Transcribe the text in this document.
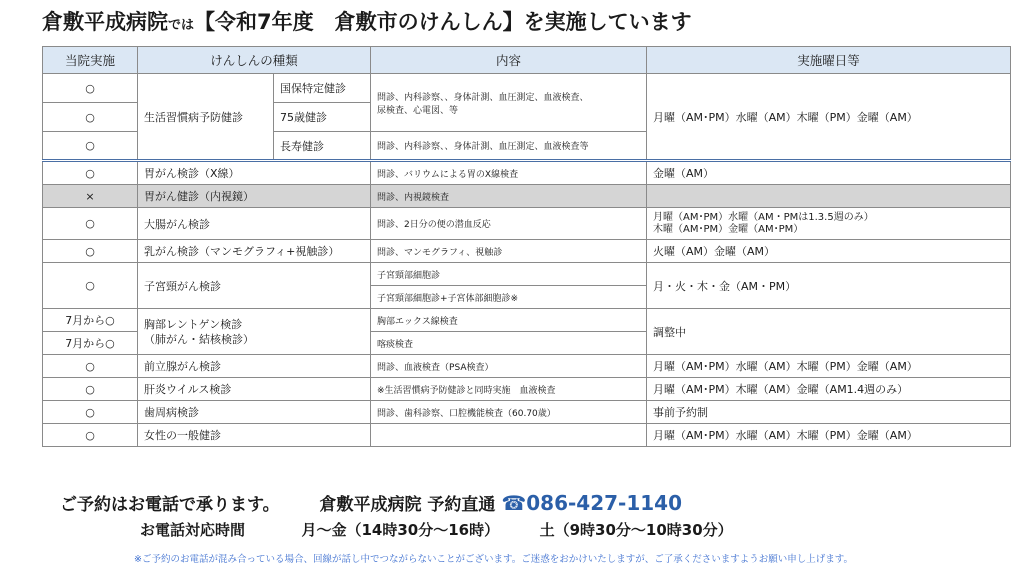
倉敷平成病院では【令和7年度　倉敷市のけんしん】を実施しています
当院実施	けんしんの種類		内容	実施曜日等
○	生活習慣病予防健診	国保特定健診	問診、内科診察、、身体計測、血圧測定、血液検査、
尿検査、心電図、等	月曜（AM･PM）水曜（AM）木曜（PM）金曜（AM）
○		75歳健診		
○		長寿健診	問診、内科診察、、身体計測、血圧測定、血液検査等	
○	胃がん検診（X線）		問診、バリウムによる胃のX線検査	金曜（AM）
×	胃がん健診（内視鏡）		問診、内視鏡検査	
○	大腸がん検診		問診、2日分の便の潜血反応	月曜（AM･PM）水曜（AM・PMは1.3.5週のみ）
木曜（AM･PM）金曜（AM･PM）

○	乳がん検診（マンモグラフィ+視触診）		問診、マンモグラフィ、視触診	火曜（AM）金曜（AM）
○	子宮頸がん検診		子宮頸部細胞診	月・火・木・金（AM・PM）
			子宮頸部細胞診+子宮体部細胞診※	
7月から○	胸部レントゲン検診
（肺がん・結核検診）		胸部エックス線検査	調整中
7月から○			喀痰検査	
○	前立腺がん検診		問診、血液検査（PSA検査）	月曜（AM･PM）水曜（AM）木曜（PM）金曜（AM）
○	肝炎ウイルス検診		※生活習慣病予防健診と同時実施　血液検査	月曜（AM･PM）木曜（AM）金曜（AM1.4週のみ）
○	歯周病検診		問診、歯科診察、口腔機能検査（60.70歳）	事前予約制
○	女性の一般健診			月曜（AM･PM）水曜（AM）木曜（PM）金曜（AM）
ご予約はお電話で承ります。 倉敷平成病院 予約直通 ☎086-427-1140
お電話対応時間	月～金（14時30分～16時）	土（9時30分～10時30分）
※ご予約のお電話が混み合っている場合、回線が話し中でつながらないことがございます。ご迷惑をおかけいたしますが、ご了承くださいますようお願い申し上げます。
